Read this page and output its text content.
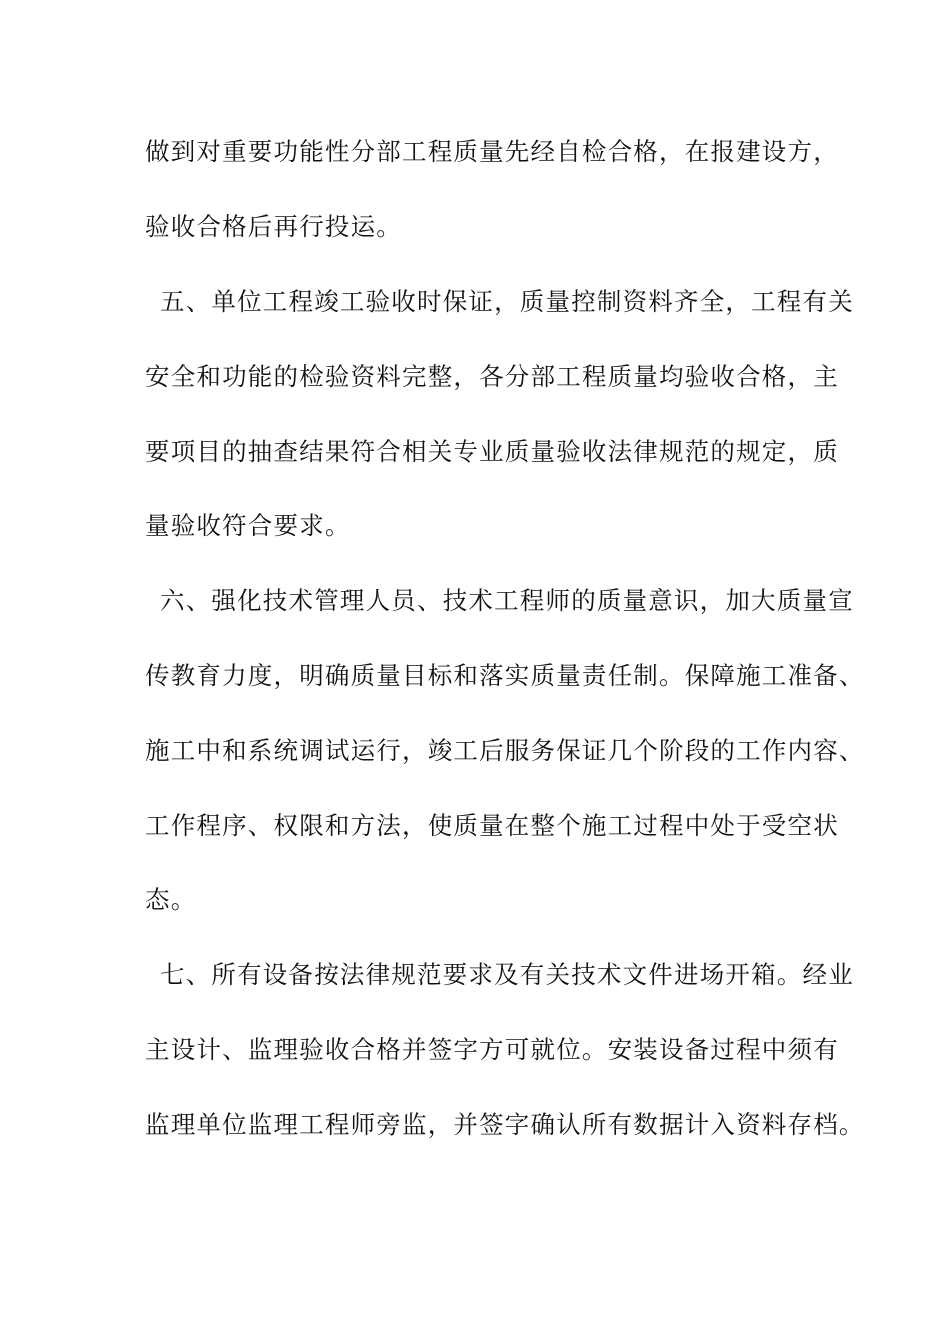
做到对重要功能性分部工程质量先经自检合格，在报建设方，
验收合格后再行投运。
五、单位工程竣工验收时保证，质量控制资料齐全，工程有关
安全和功能的检验资料完整，各分部工程质量均验收合格，主
要项目的抽查结果符合相关专业质量验收法律规范的规定，质
量验收符合要求。
六、强化技术管理人员、技术工程师的质量意识，加大质量宣
传教育力度，明确质量目标和落实质量责任制。保障施工准备、
施工中和系统调试运行，竣工后服务保证几个阶段的工作内容、
工作程序、权限和方法，使质量在整个施工过程中处于受空状
态。
七、所有设备按法律规范要求及有关技术文件进场开箱。经业
主设计、监理验收合格并签字方可就位。安装设备过程中须有
监理单位监理工程师旁监，并签字确认所有数据计入资料存档。
